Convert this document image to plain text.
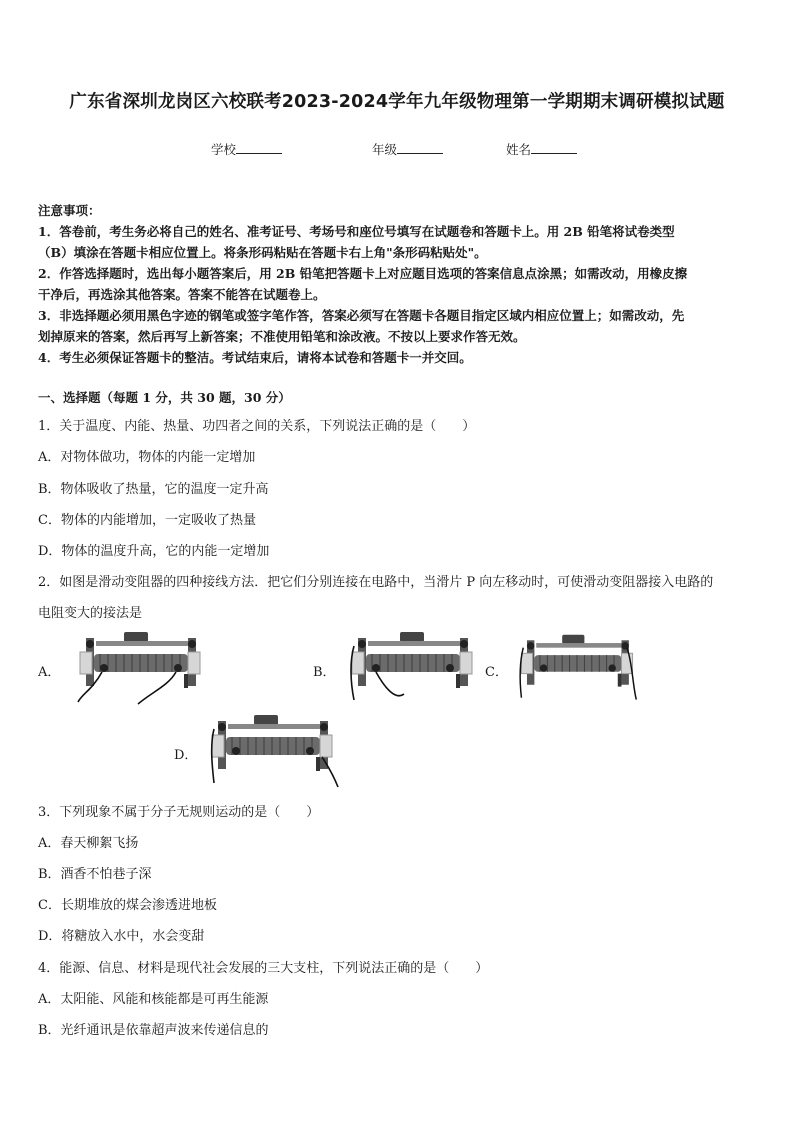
广东省深圳龙岗区六校联考2023-2024学年九年级物理第一学期期末调研模拟试题
学校	年级	姓名
注意事项：
1．答卷前，考生务必将自己的姓名、准考证号、考场号和座位号填写在试题卷和答题卡上。用 2B 铅笔将试卷类型
（B）填涂在答题卡相应位置上。将条形码粘贴在答题卡右上角"条形码粘贴处"。
2．作答选择题时，选出每小题答案后，用 2B 铅笔把答题卡上对应题目选项的答案信息点涂黑；如需改动，用橡皮擦
干净后，再选涂其他答案。答案不能答在试题卷上。
3．非选择题必须用黑色字迹的钢笔或签字笔作答，答案必须写在答题卡各题目指定区域内相应位置上；如需改动，先
划掉原来的答案，然后再写上新答案；不准使用铅笔和涂改液。不按以上要求作答无效。
4．考生必须保证答题卡的整洁。考试结束后，请将本试卷和答题卡一并交回。
一、选择题（每题 1 分，共 30 题，30 分）
1．关于温度、内能、热量、功四者之间的关系，下列说法正确的是（　　）
A．对物体做功，物体的内能一定增加
B．物体吸收了热量，它的温度一定升高
C．物体的内能增加，一定吸收了热量
D．物体的温度升高，它的内能一定增加
2．如图是滑动变阻器的四种接线方法．把它们分别连接在电路中，当滑片 P 向左移动时，可使滑动变阻器接入电路的
电阻变大的接法是
A．	B．	C．
D．
3．下列现象不属于分子无规则运动的是（　　）
A．春天柳絮飞扬
B．酒香不怕巷子深
C．长期堆放的煤会渗透进地板
D．将糖放入水中，水会变甜
4．能源、信息、材料是现代社会发展的三大支柱，下列说法正确的是（　　）
A．太阳能、风能和核能都是可再生能源
B．光纤通讯是依靠超声波来传递信息的
